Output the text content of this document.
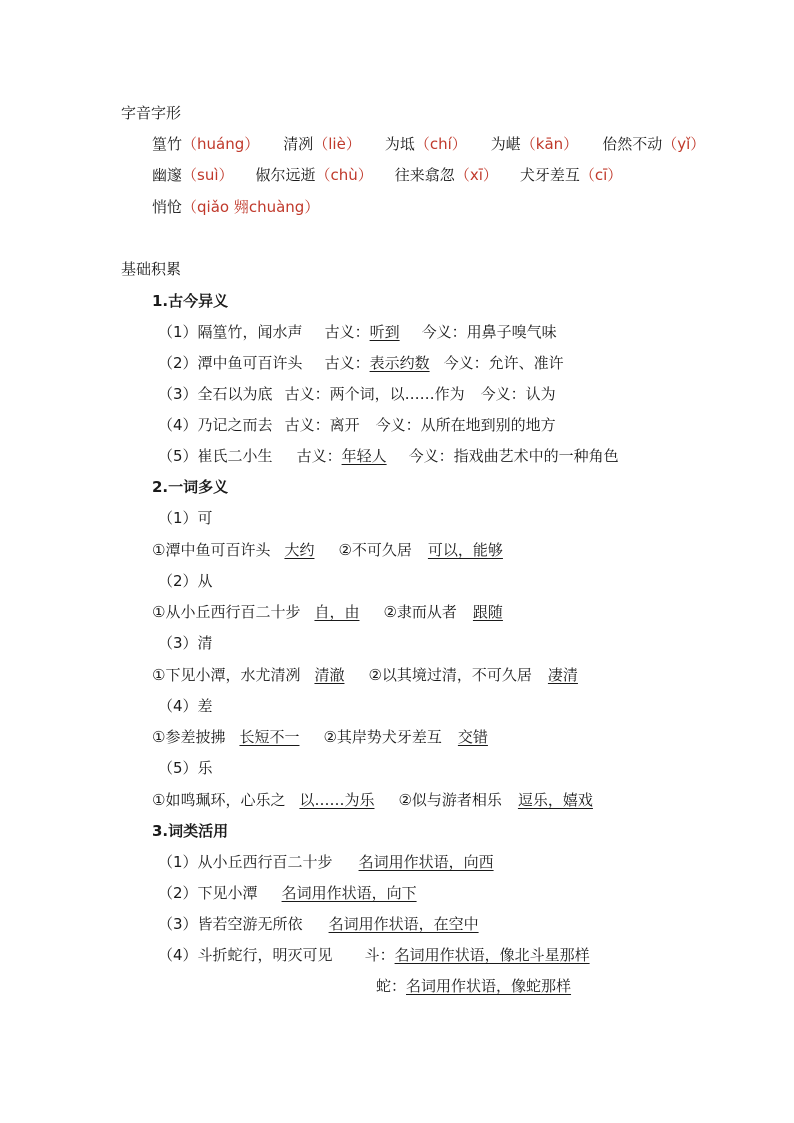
字音字形
篁竹（huáng） 清冽（liè） 为坻（chí） 为嵁（kān） 佁然不动（yǐ）
幽邃（suì） 俶尔远逝（chù） 往来翕忽（xī） 犬牙差互（cī）
悄怆（qiǎo 翙chuàng）
基础积累
1.古今异义
（1）隔篁竹，闻水声 古义：听到 今义：用鼻子嗅气味
（2）潭中鱼可百许头 古义：表示约数 今义：允许、准许
（3）全石以为底 古义：两个词，以……作为 今义：认为
（4）乃记之而去 古义：离开 今义：从所在地到别的地方
（5）崔氏二小生 古义：年轻人 今义：指戏曲艺术中的一种角色
2.一词多义
（1）可
①潭中鱼可百许头 大约 ②不可久居 可以，能够
（2）从
①从小丘西行百二十步 自，由 ②隶而从者 跟随
（3）清
①下见小潭，水尤清冽 清澈 ②以其境过清，不可久居 凄清
（4）差
①参差披拂 长短不一 ②其岸势犬牙差互 交错
（5）乐
①如鸣珮环，心乐之 以……为乐 ②似与游者相乐 逗乐，嬉戏
3.词类活用
（1）从小丘西行百二十步 名词用作状语，向西
（2）下见小潭 名词用作状语，向下
（3）皆若空游无所依 名词用作状语，在空中
（4）斗折蛇行，明灭可见 斗：名词用作状语，像北斗星那样
蛇：名词用作状语，像蛇那样
